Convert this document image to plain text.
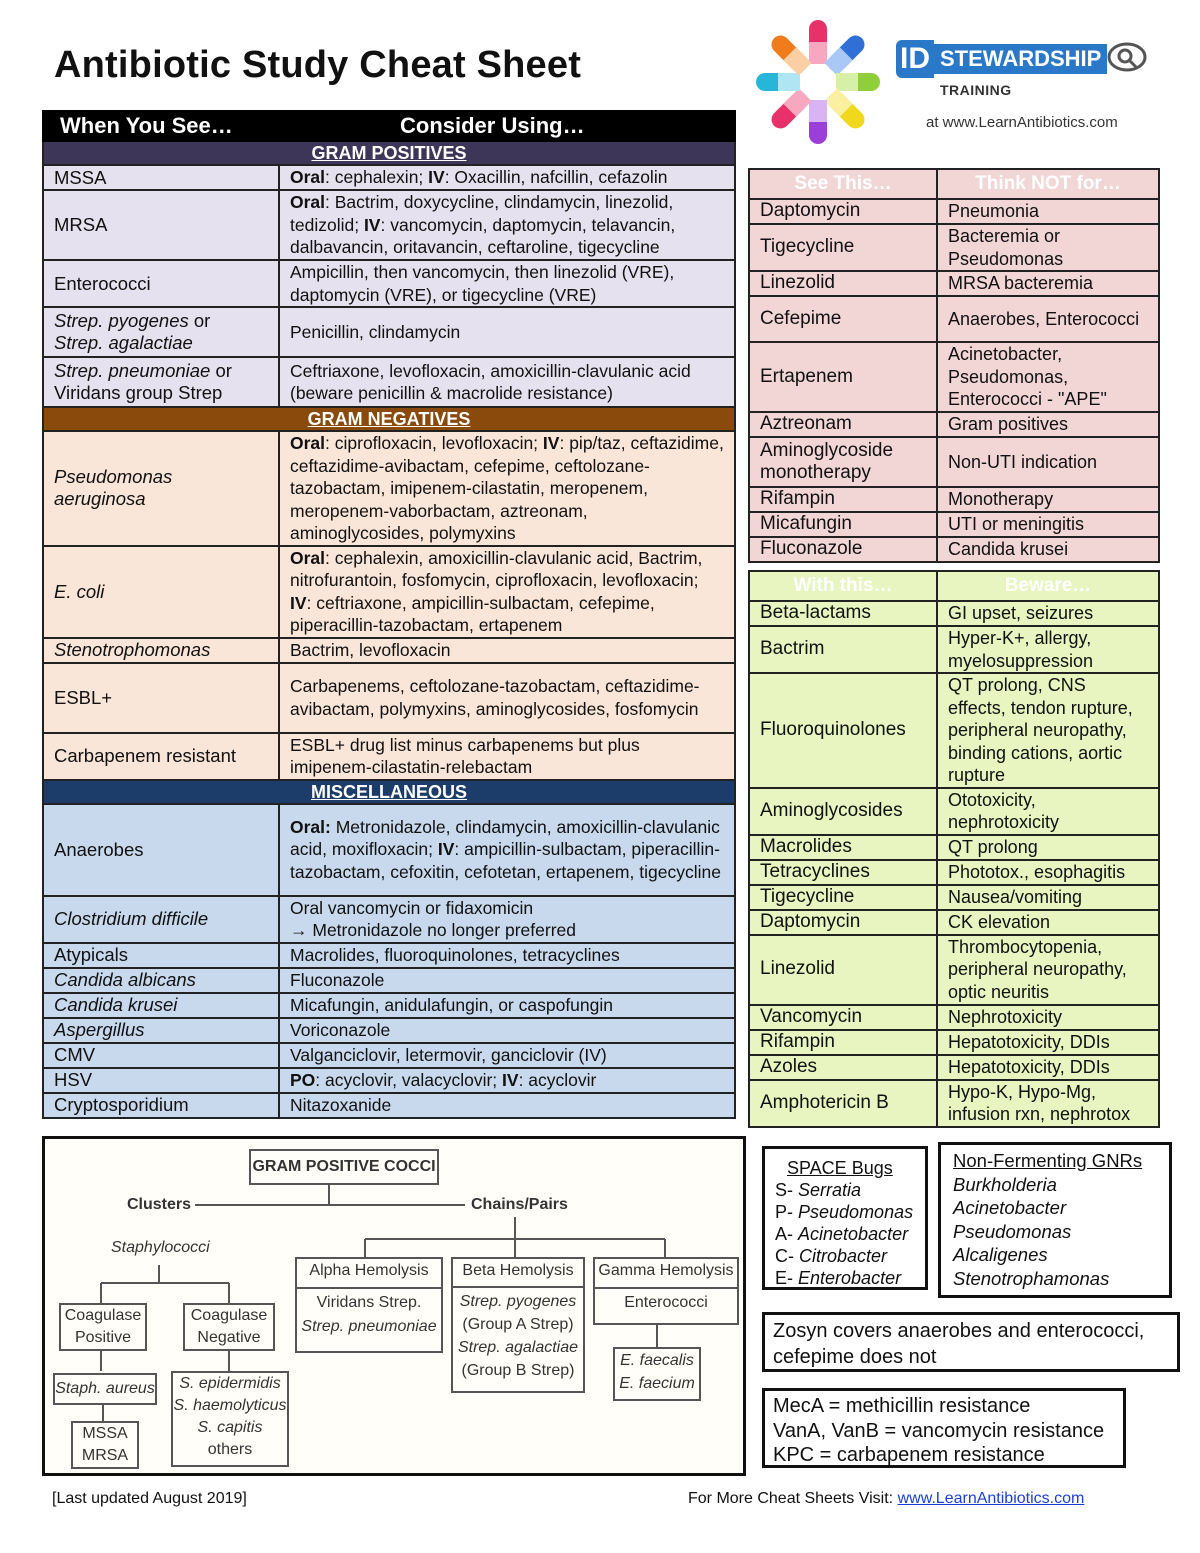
Antibiotic Study Cheat Sheet	ID STEWARDSHIP
TRAINING
at www.LearnAntibiotics.com
When You See…	Consider Using…
GRAM POSITIVES	
MSSA	Oral: cephalexin; IV: Oxacillin, nafcillin, cefazolin
MRSA	Oral: Bactrim, doxycycline, clindamycin, linezolid, tedizolid; IV: vancomycin, daptomycin, telavancin, dalbavancin, oritavancin, ceftaroline, tigecycline
Enterococci	Ampicillin, then vancomycin, then linezolid (VRE), daptomycin (VRE), or tigecycline (VRE)
Strep. pyogenes or
Strep. agalactiae	Penicillin, clindamycin
Strep. pneumoniae or
Viridans group Strep	Ceftriaxone, levofloxacin, amoxicillin-clavulanic acid (beware penicillin & macrolide resistance)
GRAM NEGATIVES	
Pseudomonas aeruginosa	Oral: ciprofloxacin, levofloxacin; IV: pip/taz, ceftazidime, ceftazidime-avibactam, cefepime, ceftolozane-tazobactam, imipenem-cilastatin, meropenem, meropenem-vaborbactam, aztreonam, aminoglycosides, polymyxins
E. coli	Oral: cephalexin, amoxicillin-clavulanic acid, Bactrim, nitrofurantoin, fosfomycin, ciprofloxacin, levofloxacin; IV: ceftriaxone, ampicillin-sulbactam, cefepime, piperacillin-tazobactam, ertapenem
Stenotrophomonas	Bactrim, levofloxacin
ESBL+	Carbapenems, ceftolozane-tazobactam, ceftazidime-avibactam, polymyxins, aminoglycosides, fosfomycin
Carbapenem resistant	ESBL+ drug list minus carbapenems but plus imipenem-cilastatin-relebactam
MISCELLANEOUS	
Anaerobes	Oral: Metronidazole, clindamycin, amoxicillin-clavulanic acid, moxifloxacin; IV: ampicillin-sulbactam, piperacillin-tazobactam, cefoxitin, cefotetan, ertapenem, tigecycline
Clostridium difficile	Oral vancomycin or fidaxomicin
→ Metronidazole no longer preferred
Atypicals	Macrolides, fluoroquinolones, tetracyclines
Candida albicans	Fluconazole
Candida krusei	Micafungin, anidulafungin, or caspofungin
Aspergillus	Voriconazole
CMV	Valganciclovir, letermovir, ganciclovir (IV)
HSV	PO: acyclovir, valacyclovir; IV: acyclovir
Cryptosporidium	Nitazoxanide
See This…	Think NOT for…
Daptomycin	Pneumonia
Tigecycline	Bacteremia or Pseudomonas
Linezolid	MRSA bacteremia
Cefepime	Anaerobes, Enterococci
Ertapenem	Acinetobacter, Pseudomonas, Enterococci - "APE"
Aztreonam	Gram positives
Aminoglycoside monotherapy	Non-UTI indication
Rifampin	Monotherapy
Micafungin	UTI or meningitis
Fluconazole	Candida krusei
With this…	Beware…
Beta-lactams	GI upset, seizures
Bactrim	Hyper-K+, allergy, myelosuppression
Fluoroquinolones	QT prolong, CNS effects, tendon rupture, peripheral neuropathy, binding cations, aortic rupture
Aminoglycosides	Ototoxicity, nephrotoxicity
Macrolides	QT prolong
Tetracyclines	Phototox., esophagitis
Tigecycline	Nausea/vomiting
Daptomycin	CK elevation
Linezolid	Thrombocytopenia, peripheral neuropathy, optic neuritis
Vancomycin	Nephrotoxicity
Rifampin	Hepatotoxicity, DDIs
Azoles	Hepatotoxicity, DDIs
Amphotericin B	Hypo-K, Hypo-Mg, infusion rxn, nephrotox
GRAM POSITIVE COCCI
Clusters	Chains/Pairs
Staphylococci
Coagulase
Positive
Coagulase
Negative
Staph. aureus
MSSA
MRSA
S. epidermidis
S. haemolyticus
S. capitis
others
Alpha Hemolysis
Viridans Strep.
Strep. pneumoniae
Beta Hemolysis
Strep. pyogenes
(Group A Strep)
Strep. agalactiae
(Group B Strep)
Gamma Hemolysis
Enterococci
E. faecalis
E. faecium
SPACE Bugs
S- Serratia
P- Pseudomonas
A- Acinetobacter
C- Citrobacter
E- Enterobacter
Non-Fermenting GNRs
Burkholderia
Acinetobacter
Pseudomonas
Alcaligenes
Stenotrophamonas
Zosyn covers anaerobes and enterococci,
cefepime does not
MecA = methicillin resistance
VanA, VanB = vancomycin resistance
KPC = carbapenem resistance
[Last updated August 2019]	For More Cheat Sheets Visit: www.LearnAntibiotics.com
